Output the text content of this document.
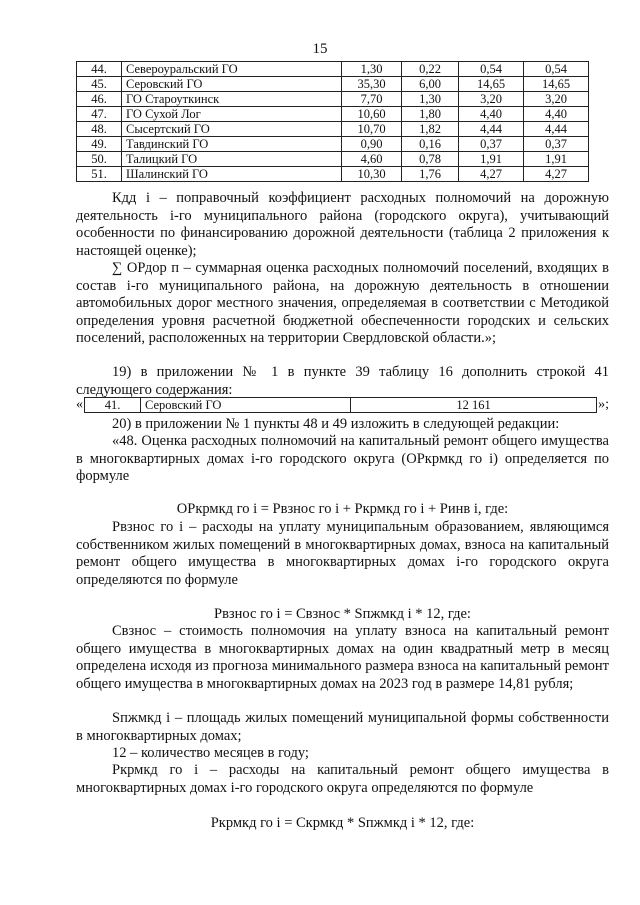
15
44.	Североуральский ГО	1,30	0,22	0,54	0,54
45.	Серовский ГО	35,30	6,00	14,65	14,65
46.	ГО Староуткинск	7,70	1,30	3,20	3,20
47.	ГО Сухой Лог	10,60	1,80	4,40	4,40
48.	Сысертский ГО	10,70	1,82	4,44	4,44
49.	Тавдинский ГО	0,90	0,16	0,37	0,37
50.	Талицкий ГО	4,60	0,78	1,91	1,91
51.	Шалинский ГО	10,30	1,76	4,27	4,27
Кдд i – поправочный коэффициент расходных полномочий на дорожную деятельность i-го муниципального района (городского округа), учитывающий особенности по финансированию дорожной деятельности (таблица 2 приложения к настоящей оценке);
∑ ОРдор п – суммарная оценка расходных полномочий поселений, входящих в состав i-го муниципального района, на дорожную деятельность в отношении автомобильных дорог местного значения, определяемая в соответствии с Методикой определения уровня расчетной бюджетной обеспеченности городских и сельских поселений, расположенных на территории Свердловской области.»;
19) в приложении № 1 в пункте 39 таблицу 16 дополнить строкой 41 следующего содержания:
« 41.	Серовский ГО	12 161	»;
20) в приложении № 1 пункты 48 и 49 изложить в следующей редакции:
«48. Оценка расходных полномочий на капитальный ремонт общего имущества в многоквартирных домах i-го городского округа (ОРкрмкд го i) определяется по формуле
ОРкрмкд го i = Рвзнос го i + Ркрмкд го i + Ринв i, где:
Рвзнос го i – расходы на уплату муниципальным образованием, являющимся собственником жилых помещений в многоквартирных домах, взноса на капитальный ремонт общего имущества в многоквартирных домах i-го городского округа определяются по формуле
Рвзнос го i = Свзнос * Sпжмкд i * 12, где:
Свзнос – стоимость полномочия на уплату взноса на капитальный ремонт общего имущества в многоквартирных домах на один квадратный метр в месяц определена исходя из прогноза минимального размера взноса на капитальный ремонт общего имущества в многоквартирных домах на 2023 год в размере 14,81 рубля;
Sпжмкд i – площадь жилых помещений муниципальной формы собственности в многоквартирных домах;
12 – количество месяцев в году;
Ркрмкд го i – расходы на капитальный ремонт общего имущества в многоквартирных домах i-го городского округа определяются по формуле
Ркрмкд го i = Скрмкд * Sпжмкд i * 12, где:
